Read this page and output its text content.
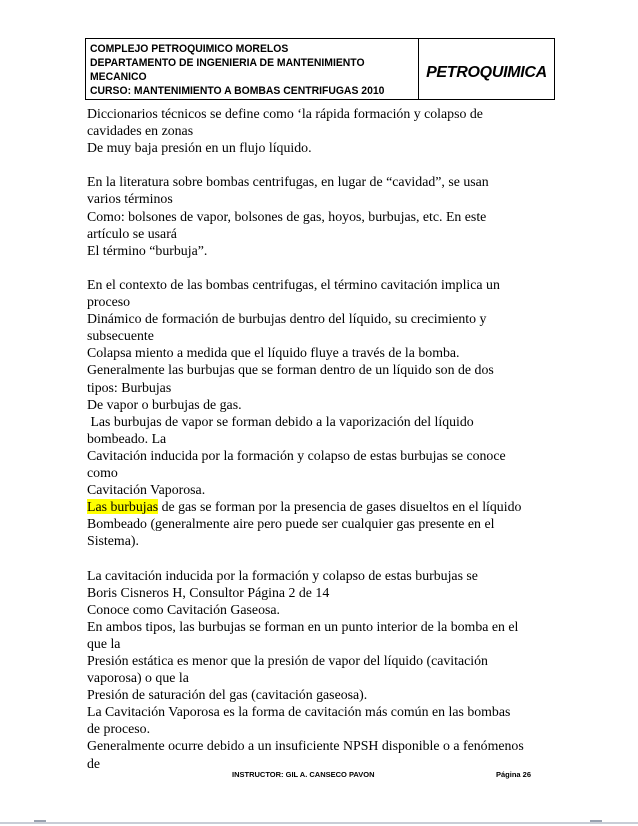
COMPLEJO PETROQUIMICO MORELOS
DEPARTAMENTO DE INGENIERIA DE MANTENIMIENTO
MECANICO
CURSO: MANTENIMIENTO A BOMBAS CENTRIFUGAS 2010
PETROQUIMICA
Diccionarios técnicos se define como ‘la rápida formación y colapso de
cavidades en zonas
De muy baja presión en un flujo líquido.
En la literatura sobre bombas centrifugas, en lugar de “cavidad”, se usan
varios términos
Como: bolsones de vapor, bolsones de gas, hoyos, burbujas, etc. En este
artículo se usará
El término “burbuja”.
En el contexto de las bombas centrifugas, el término cavitación implica un
proceso
Dinámico de formación de burbujas dentro del líquido, su crecimiento y
subsecuente
Colapsa miento a medida que el líquido fluye a través de la bomba.
Generalmente las burbujas que se forman dentro de un líquido son de dos
tipos: Burbujas
De vapor o burbujas de gas.
Las burbujas de vapor se forman debido a la vaporización del líquido
bombeado. La
Cavitación inducida por la formación y colapso de estas burbujas se conoce
como
Cavitación Vaporosa.
Las burbujas de gas se forman por la presencia de gases disueltos en el líquido
Bombeado (generalmente aire pero puede ser cualquier gas presente en el
Sistema).
La cavitación inducida por la formación y colapso de estas burbujas se
Boris Cisneros H, Consultor Página 2 de 14
Conoce como Cavitación Gaseosa.
En ambos tipos, las burbujas se forman en un punto interior de la bomba en el
que la
Presión estática es menor que la presión de vapor del líquido (cavitación
vaporosa) o que la
Presión de saturación del gas (cavitación gaseosa).
La Cavitación Vaporosa es la forma de cavitación más común en las bombas
de proceso.
Generalmente ocurre debido a un insuficiente NPSH disponible o a fenómenos
de
INSTRUCTOR: GIL A. CANSECO PAVON	Página 26
